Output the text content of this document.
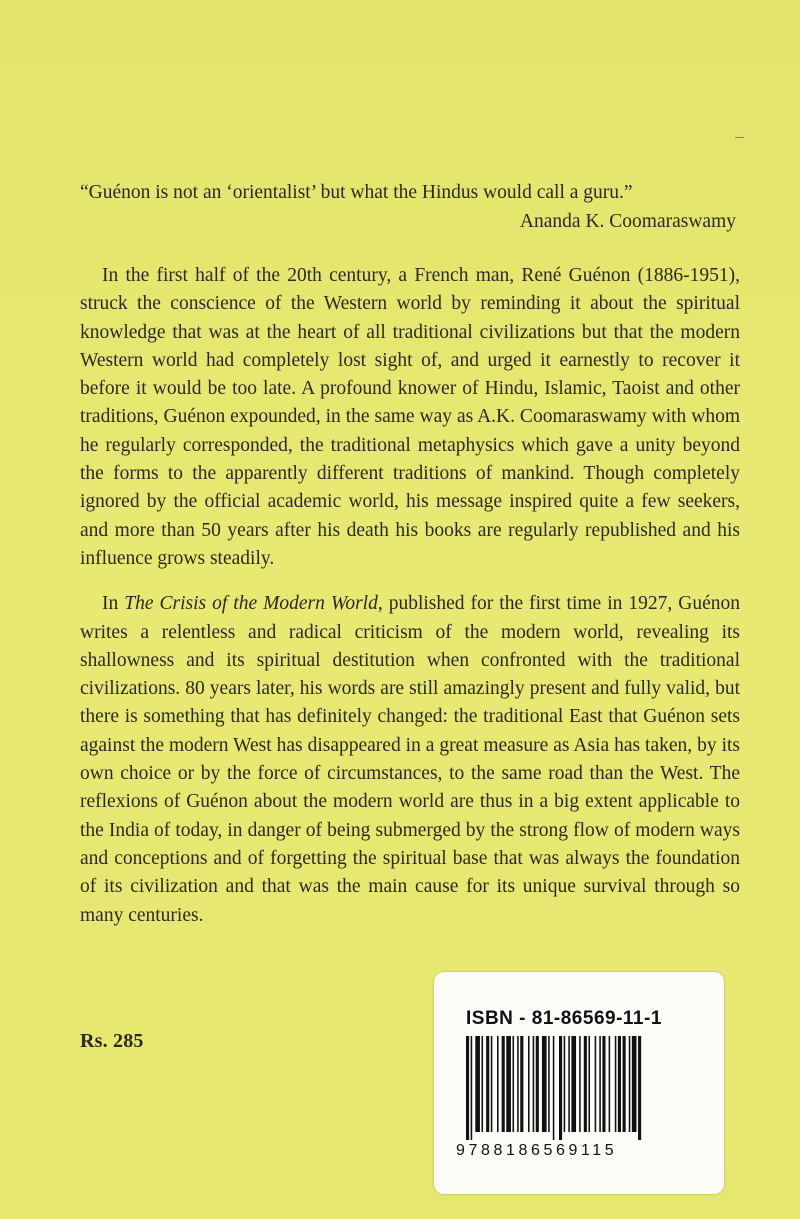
“Guénon is not an ‘orientalist’ but what the Hindus would call a guru.”
Ananda K. Coomaraswamy

In the first half of the 20th century, a French man, René Guénon (1886-1951), struck the conscience of the Western world by reminding it about the spiritual knowledge that was at the heart of all traditional civilizations but that the modern Western world had completely lost sight of, and urged it earnestly to recover it before it would be too late. A profound knower of Hindu, Islamic, Taoist and other traditions, Guénon expounded, in the same way as A.K. Coomaraswamy with whom he regularly corresponded, the traditional metaphysics which gave a unity beyond the forms to the apparently different traditions of mankind. Though completely ignored by the official academic world, his message inspired quite a few seekers, and more than 50 years after his death his books are regularly republished and his influence grows steadily.

In The Crisis of the Modern World, published for the first time in 1927, Guénon writes a relentless and radical criticism of the modern world, revealing its shallowness and its spiritual destitution when confronted with the traditional civilizations. 80 years later, his words are still amazingly present and fully valid, but there is something that has definitely changed: the traditional East that Guénon sets against the modern West has disappeared in a great measure as Asia has taken, by its own choice or by the force of circumstances, to the same road than the West. The reflexions of Guénon about the modern world are thus in a big extent applicable to the India of today, in danger of being submerged by the strong flow of modern ways and conceptions and of forgetting the spiritual base that was always the foundation of its civilization and that was the main cause for its unique survival through so many centuries.

Rs. 285
ISBN - 81-86569-11-1
9788186569115
